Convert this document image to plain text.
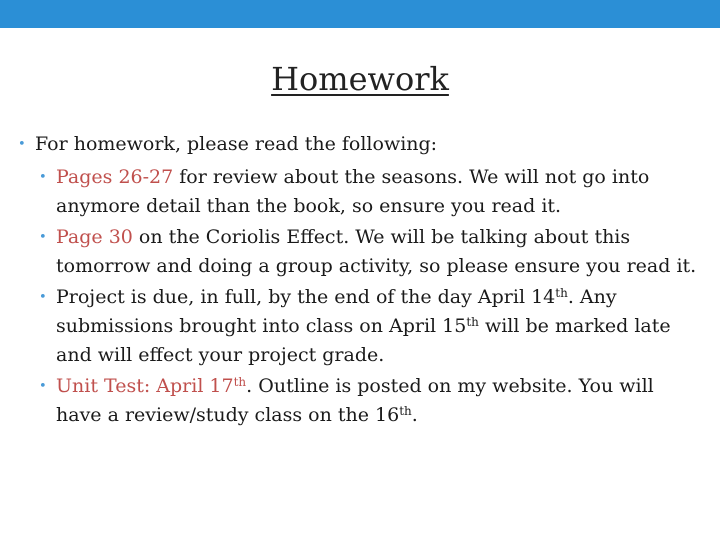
Homework
• For homework, please read the following:
• Pages 26-27 for review about the seasons. We will not go into anymore detail than the book, so ensure you read it.
• Page 30 on the Coriolis Effect. We will be talking about this tomorrow and doing a group activity, so please ensure you read it.
• Project is due, in full, by the end of the day April 14th. Any submissions brought into class on April 15th will be marked late and will effect your project grade.
• Unit Test: April 17th. Outline is posted on my website. You will have a review/study class on the 16th.
